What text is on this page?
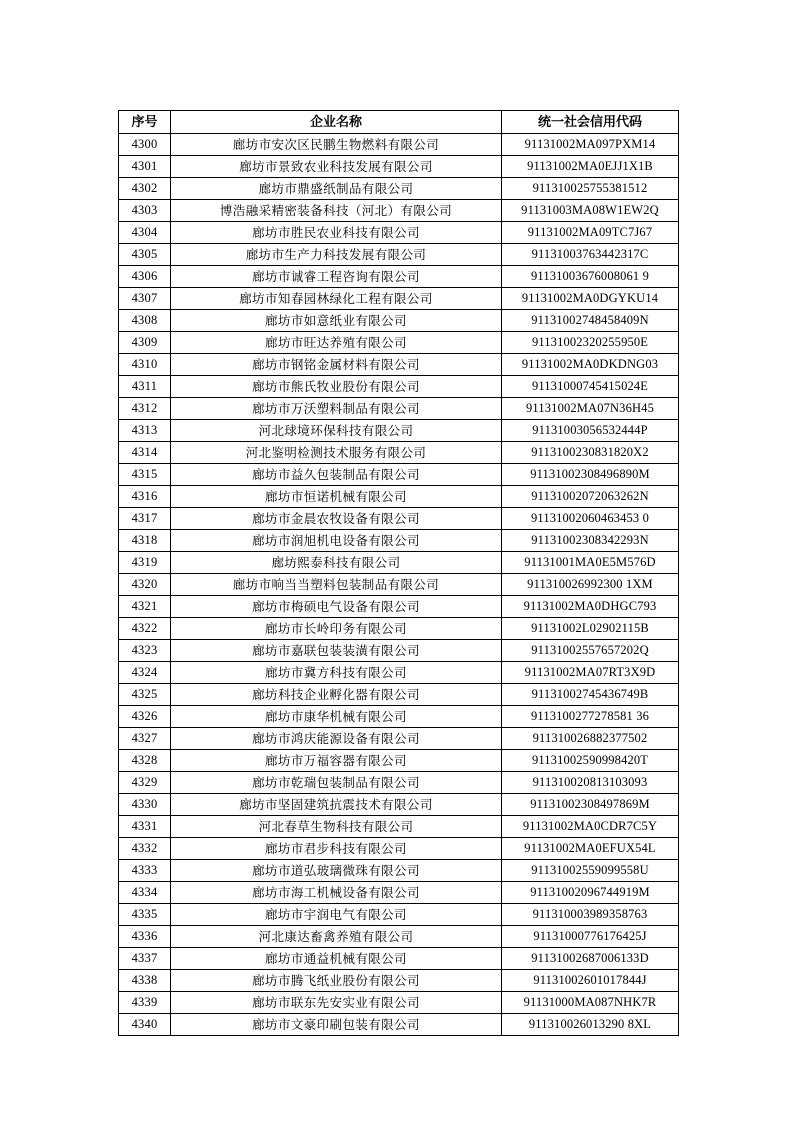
序号	企业名称	统一社会信用代码
4300	廊坊市安次区民鹏生物燃料有限公司	91131002MA097PXM14
4301	廊坊市景致农业科技发展有限公司	91131002MA0EJJ1X1B
4302	廊坊市鼎盛纸制品有限公司	911310025755381512
4303	博浩融采精密装备科技（河北）有限公司	91131003MA08W1EW2Q
4304	廊坊市胜民农业科技有限公司	91131002MA09TC7J67
4305	廊坊市生产力科技发展有限公司	91131003763442317C
4306	廊坊市诚睿工程咨询有限公司	91131003676008061 9
4307	廊坊市知春园林绿化工程有限公司	91131002MA0DGYKU14
4308	廊坊市如意纸业有限公司	91131002748458409N
4309	廊坊市旺达养殖有限公司	91131002320255950E
4310	廊坊市钢铭金属材料有限公司	91131002MA0DKDNG03
4311	廊坊市熊氏牧业股份有限公司	91131000745415024E
4312	廊坊市万沃塑料制品有限公司	91131002MA07N36H45
4313	河北球境环保科技有限公司	91131003056532444P
4314	河北鉴明检测技术服务有限公司	9113100230831820X2
4315	廊坊市益久包装制品有限公司	91131002308496890M
4316	廊坊市恒诺机械有限公司	91131002072063262N
4317	廊坊市金晨农牧设备有限公司	91131002060463453 0
4318	廊坊市润旭机电设备有限公司	91131002308342293N
4319	廊坊熙泰科技有限公司	91131001MA0E5M576D
4320	廊坊市响当当塑料包装制品有限公司	911310026992300 1XM
4321	廊坊市梅硕电气设备有限公司	91131002MA0DHGC793
4322	廊坊市长岭印务有限公司	91131002L02902115B
4323	廊坊市嘉联包装装潢有限公司	91131002557657202Q
4324	廊坊市冀方科技有限公司	91131002MA07RT3X9D
4325	廊坊科技企业孵化器有限公司	91131002745436749B
4326	廊坊市康华机械有限公司	9113100277278581 36
4327	廊坊市鸿庆能源设备有限公司	911310026882377502
4328	廊坊市万福容器有限公司	91131002590998420T
4329	廊坊市乾瑞包装制品有限公司	911310020813103093
4330	廊坊市坚固建筑抗震技术有限公司	91131002308497869M
4331	河北春草生物科技有限公司	91131002MA0CDR7C5Y
4332	廊坊市君步科技有限公司	91131002MA0EFUX54L
4333	廊坊市道弘玻璃微珠有限公司	91131002559099558U
4334	廊坊市海工机械设备有限公司	91131002096744919M
4335	廊坊市宇润电气有限公司	911310003989358763
4336	河北康达畜禽养殖有限公司	91131000776176425J
4337	廊坊市通益机械有限公司	91131002687006133D
4338	廊坊市腾飞纸业股份有限公司	91131002601017844J
4339	廊坊市联东先安实业有限公司	91131000MA087NHK7R
4340	廊坊市文豪印刷包装有限公司	911310026013290 8XL
